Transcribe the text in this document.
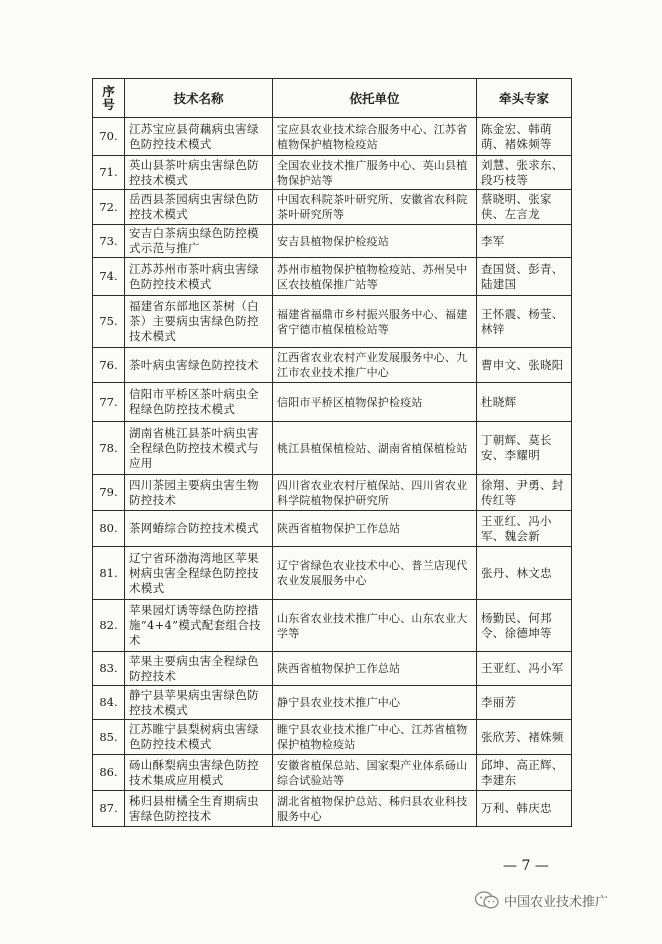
序号	技术名称	依托单位	牵头专家
70.	江苏宝应县荷藕病虫害绿色防控技术模式	宝应县农业技术综合服务中心、江苏省植物保护植物检疫站	陈金宏、韩萌萌、褚姝频等
71.	英山县茶叶病虫害绿色防控技术模式	全国农业技术推广服务中心、英山县植物保护站等	刘慧、张求东、段巧枝等
72.	岳西县茶园病虫害绿色防控技术模式	中国农科院茶叶研究所、安徽省农科院茶叶研究所等	蔡晓明、张家侠、左言龙
73.	安吉白茶病虫绿色防控模式示范与推广	安吉县植物保护检疫站	李军
74.	江苏苏州市茶叶病虫害绿色防控技术模式	苏州市植物保护植物检疫站、苏州吴中区农技植保推广站等	查国贤、彭青、陆建国
75.	福建省东部地区茶树（白茶）主要病虫害绿色防控技术模式	福建省福鼎市乡村振兴服务中心、福建省宁德市植保植检站等	王怀震、杨莹、林锌
76.	茶叶病虫害绿色防控技术	江西省农业农村产业发展服务中心、九江市农业技术推广中心	曹申文、张晓阳
77.	信阳市平桥区茶叶病虫全程绿色防控技术模式	信阳市平桥区植物保护检疫站	杜晓辉
78.	湖南省桃江县茶叶病虫害全程绿色防控技术模式与应用	桃江县植保植检站、湖南省植保植检站	丁朝辉、莫长安、李耀明
79.	四川茶园主要病虫害生物防控技术	四川省农业农村厅植保站、四川省农业科学院植物保护研究所	徐翔、尹勇、封传红等
80.	茶网蝽综合防控技术模式	陕西省植物保护工作总站	王亚红、冯小军、魏会新
81.	辽宁省环渤海湾地区苹果树病虫害全程绿色防控技术模式	辽宁省绿色农业技术中心、普兰店现代农业发展服务中心	张丹、林文忠
82.	苹果园灯诱等绿色防控措施“4+4”模式配套组合技术	山东省农业技术推广中心、山东农业大学等	杨勤民、何邦令、徐德坤等
83.	苹果主要病虫害全程绿色防控技术	陕西省植物保护工作总站	王亚红、冯小军
84.	静宁县苹果病虫害绿色防控技术模式	静宁县农业技术推广中心	李丽芳
85.	江苏睢宁县梨树病虫害绿色防控技术模式	睢宁县农业技术推广中心、江苏省植物保护植物检疫站	张欣芳、褚姝频
86.	砀山酥梨病虫害绿色防控技术集成应用模式	安徽省植保总站、国家梨产业体系砀山综合试验站等	邱坤、高正辉、李建东
87.	秭归县柑橘全生育期病虫害绿色防控技术	湖北省植物保护总站、秭归县农业科技服务中心	万利、韩庆忠
— 7 —
中国农业技术推广
